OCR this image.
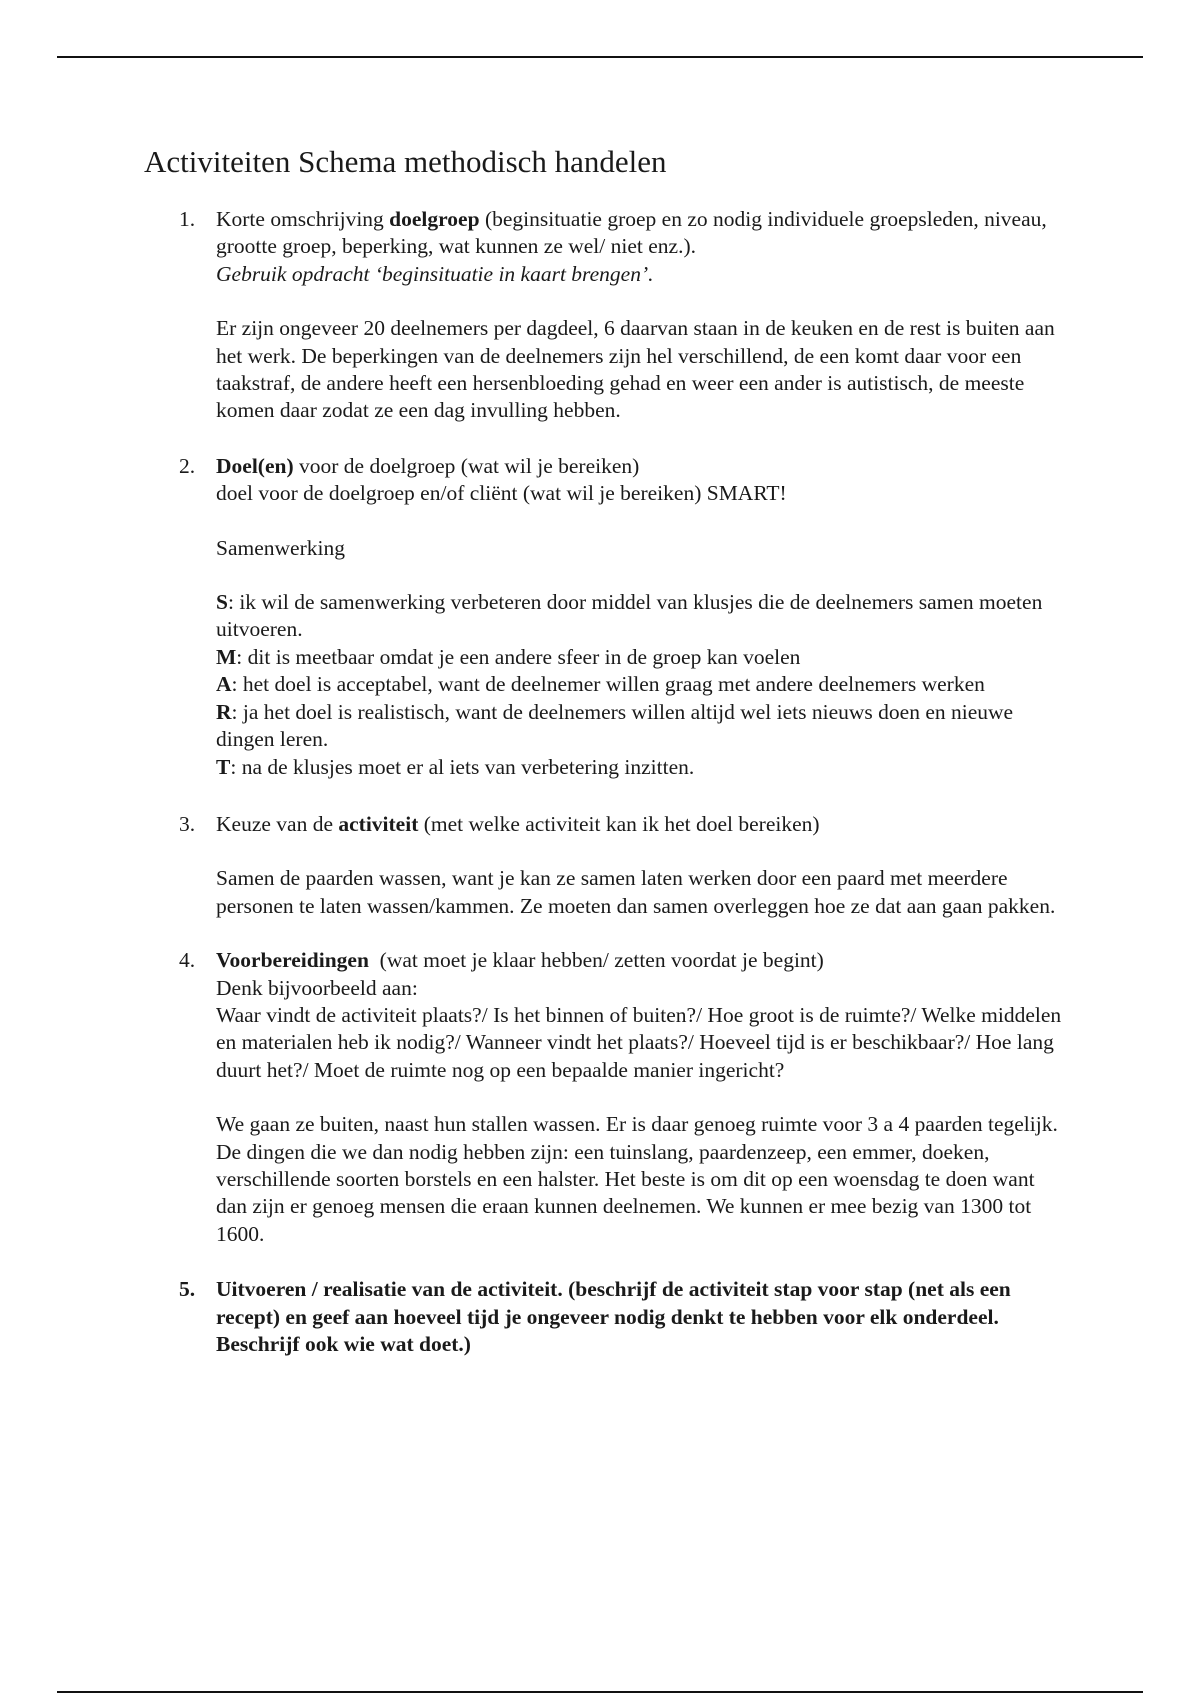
Activiteiten Schema methodisch handelen
1. Korte omschrijving doelgroep (beginsituatie groep en zo nodig individuele groepsleden, niveau, grootte groep, beperking, wat kunnen ze wel/ niet enz.).

Gebruik opdracht ‘beginsituatie in kaart brengen’.

Er zijn ongeveer 20 deelnemers per dagdeel, 6 daarvan staan in de keuken en de rest is buiten aan het werk. De beperkingen van de deelnemers zijn hel verschillend, de een komt daar voor een taakstraf, de andere heeft een hersenbloeding gehad en weer een ander is autistisch, de meeste komen daar zodat ze een dag invulling hebben.

2. Doel(en) voor de doelgroep (wat wil je bereiken)

doel voor de doelgroep en/of cliënt (wat wil je bereiken) SMART!

Samenwerking

S: ik wil de samenwerking verbeteren door middel van klusjes die de deelnemers samen moeten uitvoeren.

M: dit is meetbaar omdat je een andere sfeer in de groep kan voelen

A: het doel is acceptabel, want de deelnemer willen graag met andere deelnemers werken

R: ja het doel is realistisch, want de deelnemers willen altijd wel iets nieuws doen en nieuwe dingen leren.

T: na de klusjes moet er al iets van verbetering inzitten.

3. Keuze van de activiteit (met welke activiteit kan ik het doel bereiken)

Samen de paarden wassen, want je kan ze samen laten werken door een paard met meerdere personen te laten wassen/kammen. Ze moeten dan samen overleggen hoe ze dat aan gaan pakken.

4. Voorbereidingen  (wat moet je klaar hebben/ zetten voordat je begint)

Denk bijvoorbeeld aan:

Waar vindt de activiteit plaats?/ Is het binnen of buiten?/ Hoe groot is de ruimte?/ Welke middelen en materialen heb ik nodig?/ Wanneer vindt het plaats?/ Hoeveel tijd is er beschikbaar?/ Hoe lang duurt het?/ Moet de ruimte nog op een bepaalde manier ingericht?

We gaan ze buiten, naast hun stallen wassen. Er is daar genoeg ruimte voor 3 a 4 paarden tegelijk. De dingen die we dan nodig hebben zijn: een tuinslang, paardenzeep, een emmer, doeken, verschillende soorten borstels en een halster. Het beste is om dit op een woensdag te doen want dan zijn er genoeg mensen die eraan kunnen deelnemen. We kunnen er mee bezig van 1300 tot 1600.

5. Uitvoeren / realisatie van de activiteit. (beschrijf de activiteit stap voor stap (net als een recept) en geef aan hoeveel tijd je ongeveer nodig denkt te hebben voor elk onderdeel. Beschrijf ook wie wat doet.)
